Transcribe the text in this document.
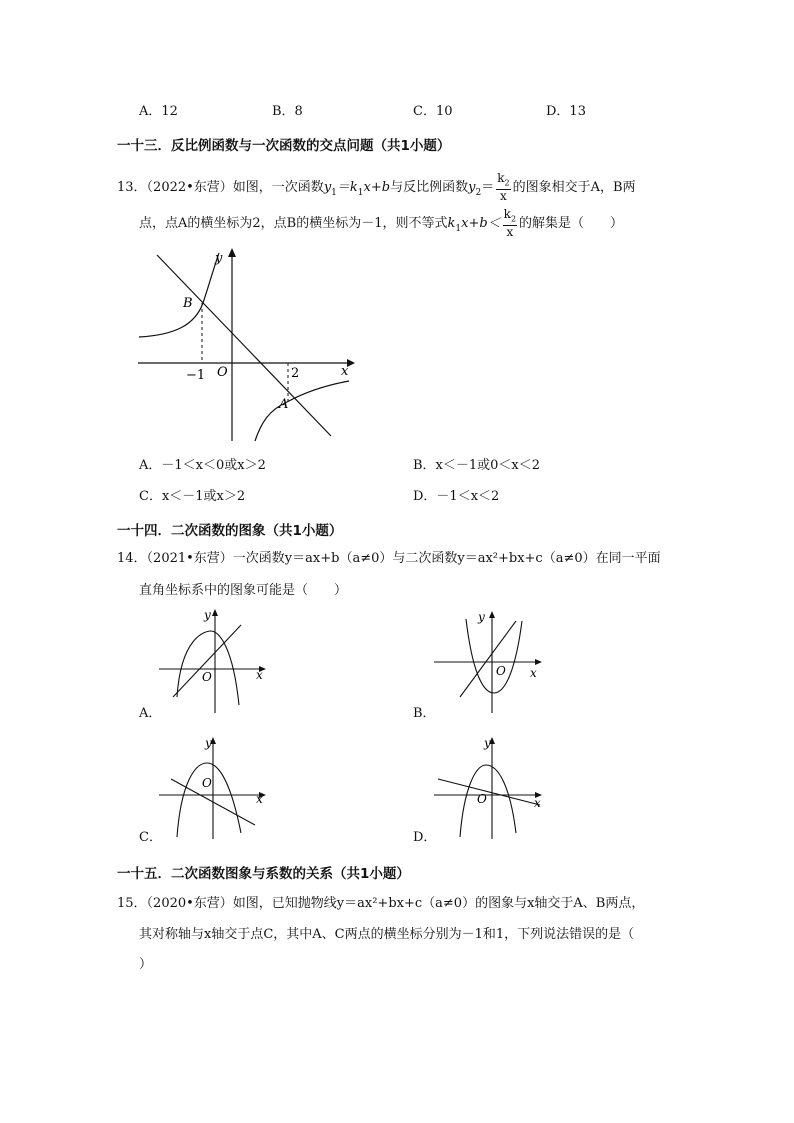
A．12	B．8	C．10	D．13
一十三．反比例函数与一次函数的交点问题（共1小题）
13．（2022•东营）如图，一次函数$y_1=k_1x+b$与反比例函数$y_2= \frac{k_2}{x}$ 的图象相交于A，B两
点，点A的横坐标为2，点B的横坐标为－1，则不等式$k_1x+b< \frac{k_2}{x}$ 的解集是（　　）
y
x
B
A
O
−1	2
A．－1＜x＜0或x＞2	B．x＜－1或0＜x＜2
C．x＜－1或x＞2	D．－1＜x＜2
一十四．二次函数的图象（共1小题）
14．（2021•东营）一次函数y＝ax+b（a≠0）与二次函数y＝ax²+bx+c（a≠0）在同一平面
直角坐标系中的图象可能是（　　）
y
x
O
A．
y
x
O
B．
y
x
O
C．
y
x
O
D．
一十五．二次函数图象与系数的关系（共1小题）
15．（2020•东营）如图，已知抛物线y＝ax²+bx+c（a≠0）的图象与x轴交于A、B两点，
其对称轴与x轴交于点C，其中A、C两点的横坐标分别为－1和1，下列说法错误的是（
）
